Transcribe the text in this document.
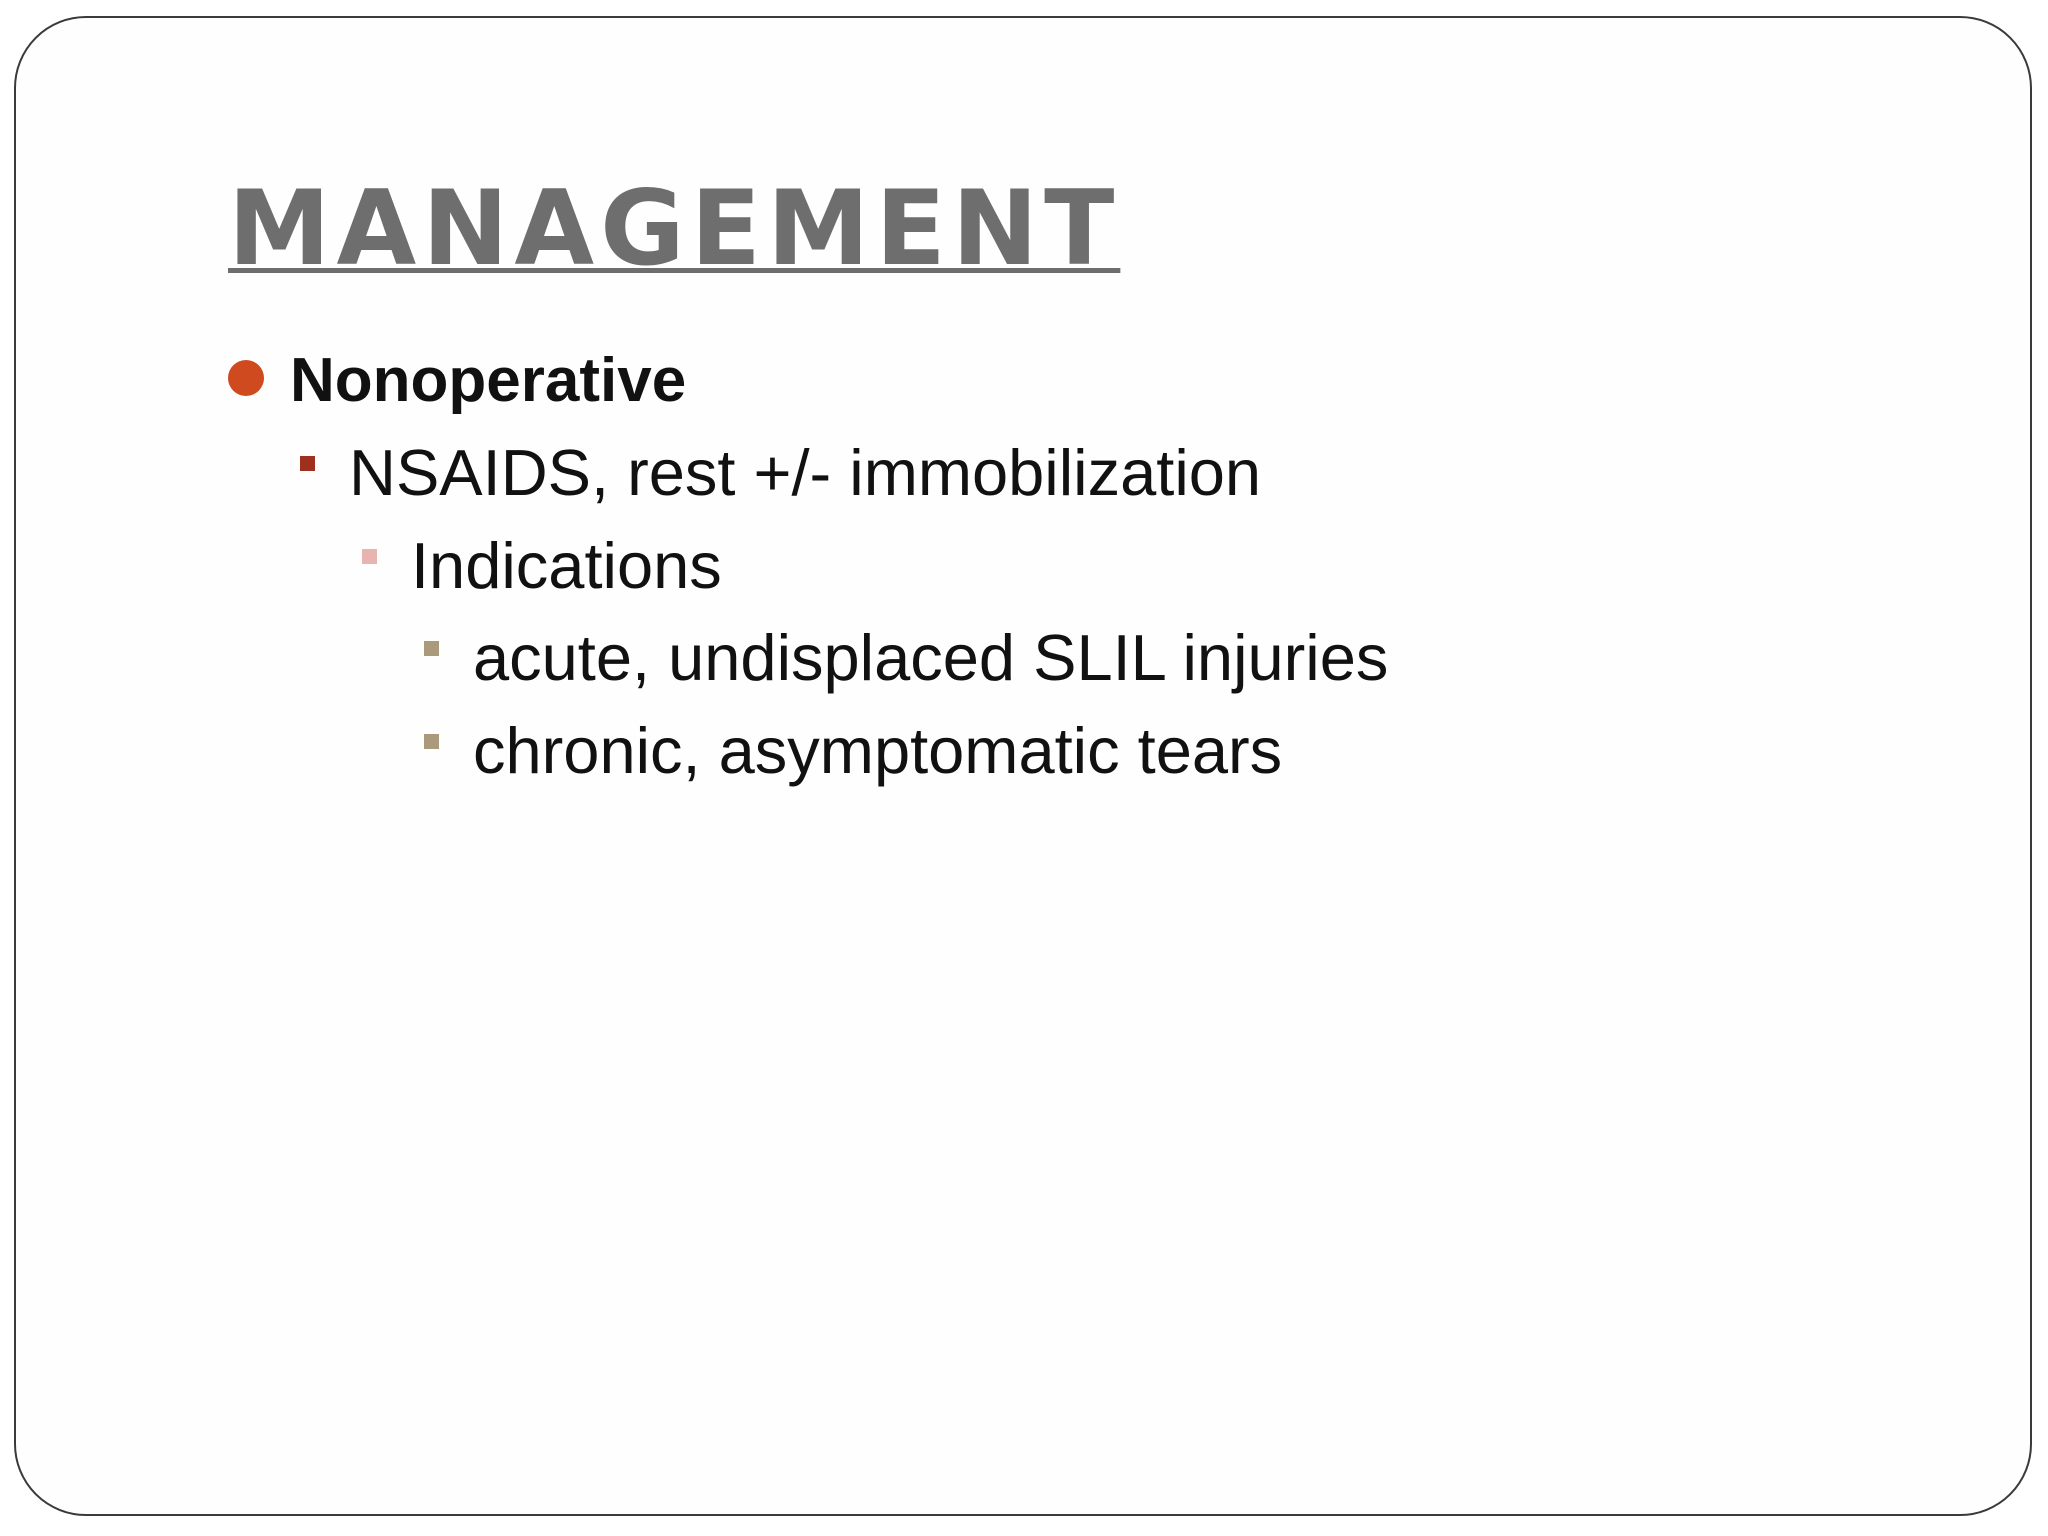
MANAGEMENT
Nonoperative
NSAIDS, rest +/- immobilization
Indications
acute, undisplaced SLIL injuries
chronic, asymptomatic tears
